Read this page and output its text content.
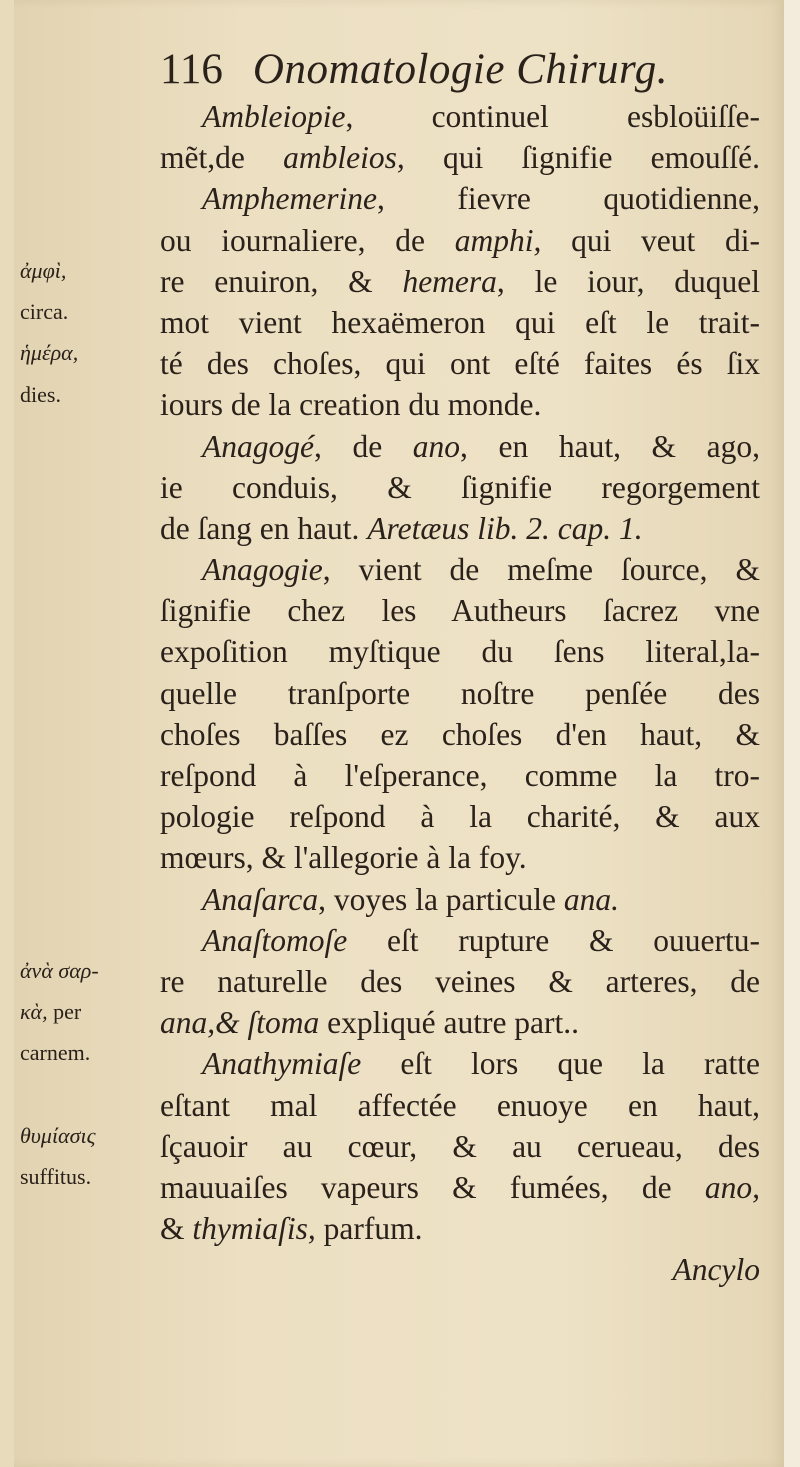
116 Onomatologie Chirurg.
ἀμφὶ,
circa.
ἡμέρα,
dies.
ἀνὰ σαρ-
κὰ, per
carnem.
θυμίασις
suffitus.
Ambleiopie, continuel esbloüiſſe-
mẽt,de ambleios, qui ſignifie emouſſé.
Amphemerine, fievre quotidienne,
ou iournaliere, de amphi, qui veut di-
re enuiron, & hemera, le iour, duquel
mot vient hexaëmeron qui eſt le trait-
té des choſes, qui ont eſté faites és ſix
iours de la creation du monde.
Anagogé, de ano, en haut, & ago,
ie conduis, & ſignifie regorgement
de ſang en haut. Aretæus lib. 2. cap. 1.
Anagogie, vient de meſme ſource, &
ſignifie chez les Autheurs ſacrez vne
expoſition myſtique du ſens literal,la-
quelle tranſporte noſtre penſée des
choſes baſſes ez choſes d'en haut, &
reſpond à l'eſperance, comme la tro-
pologie reſpond à la charité, & aux
mœurs, & l'allegorie à la foy.
Anaſarca, voyes la particule ana.
Anaſtomoſe eſt rupture & ouuertu-
re naturelle des veines & arteres, de
ana,& ſtoma expliqué autre part..
Anathymiaſe eſt lors que la ratte
eſtant mal affectée enuoye en haut,
ſçauoir au cœur, & au cerueau, des
mauuaiſes vapeurs & fumées, de ano,
& thymiaſis, parfum.
Ancylo
